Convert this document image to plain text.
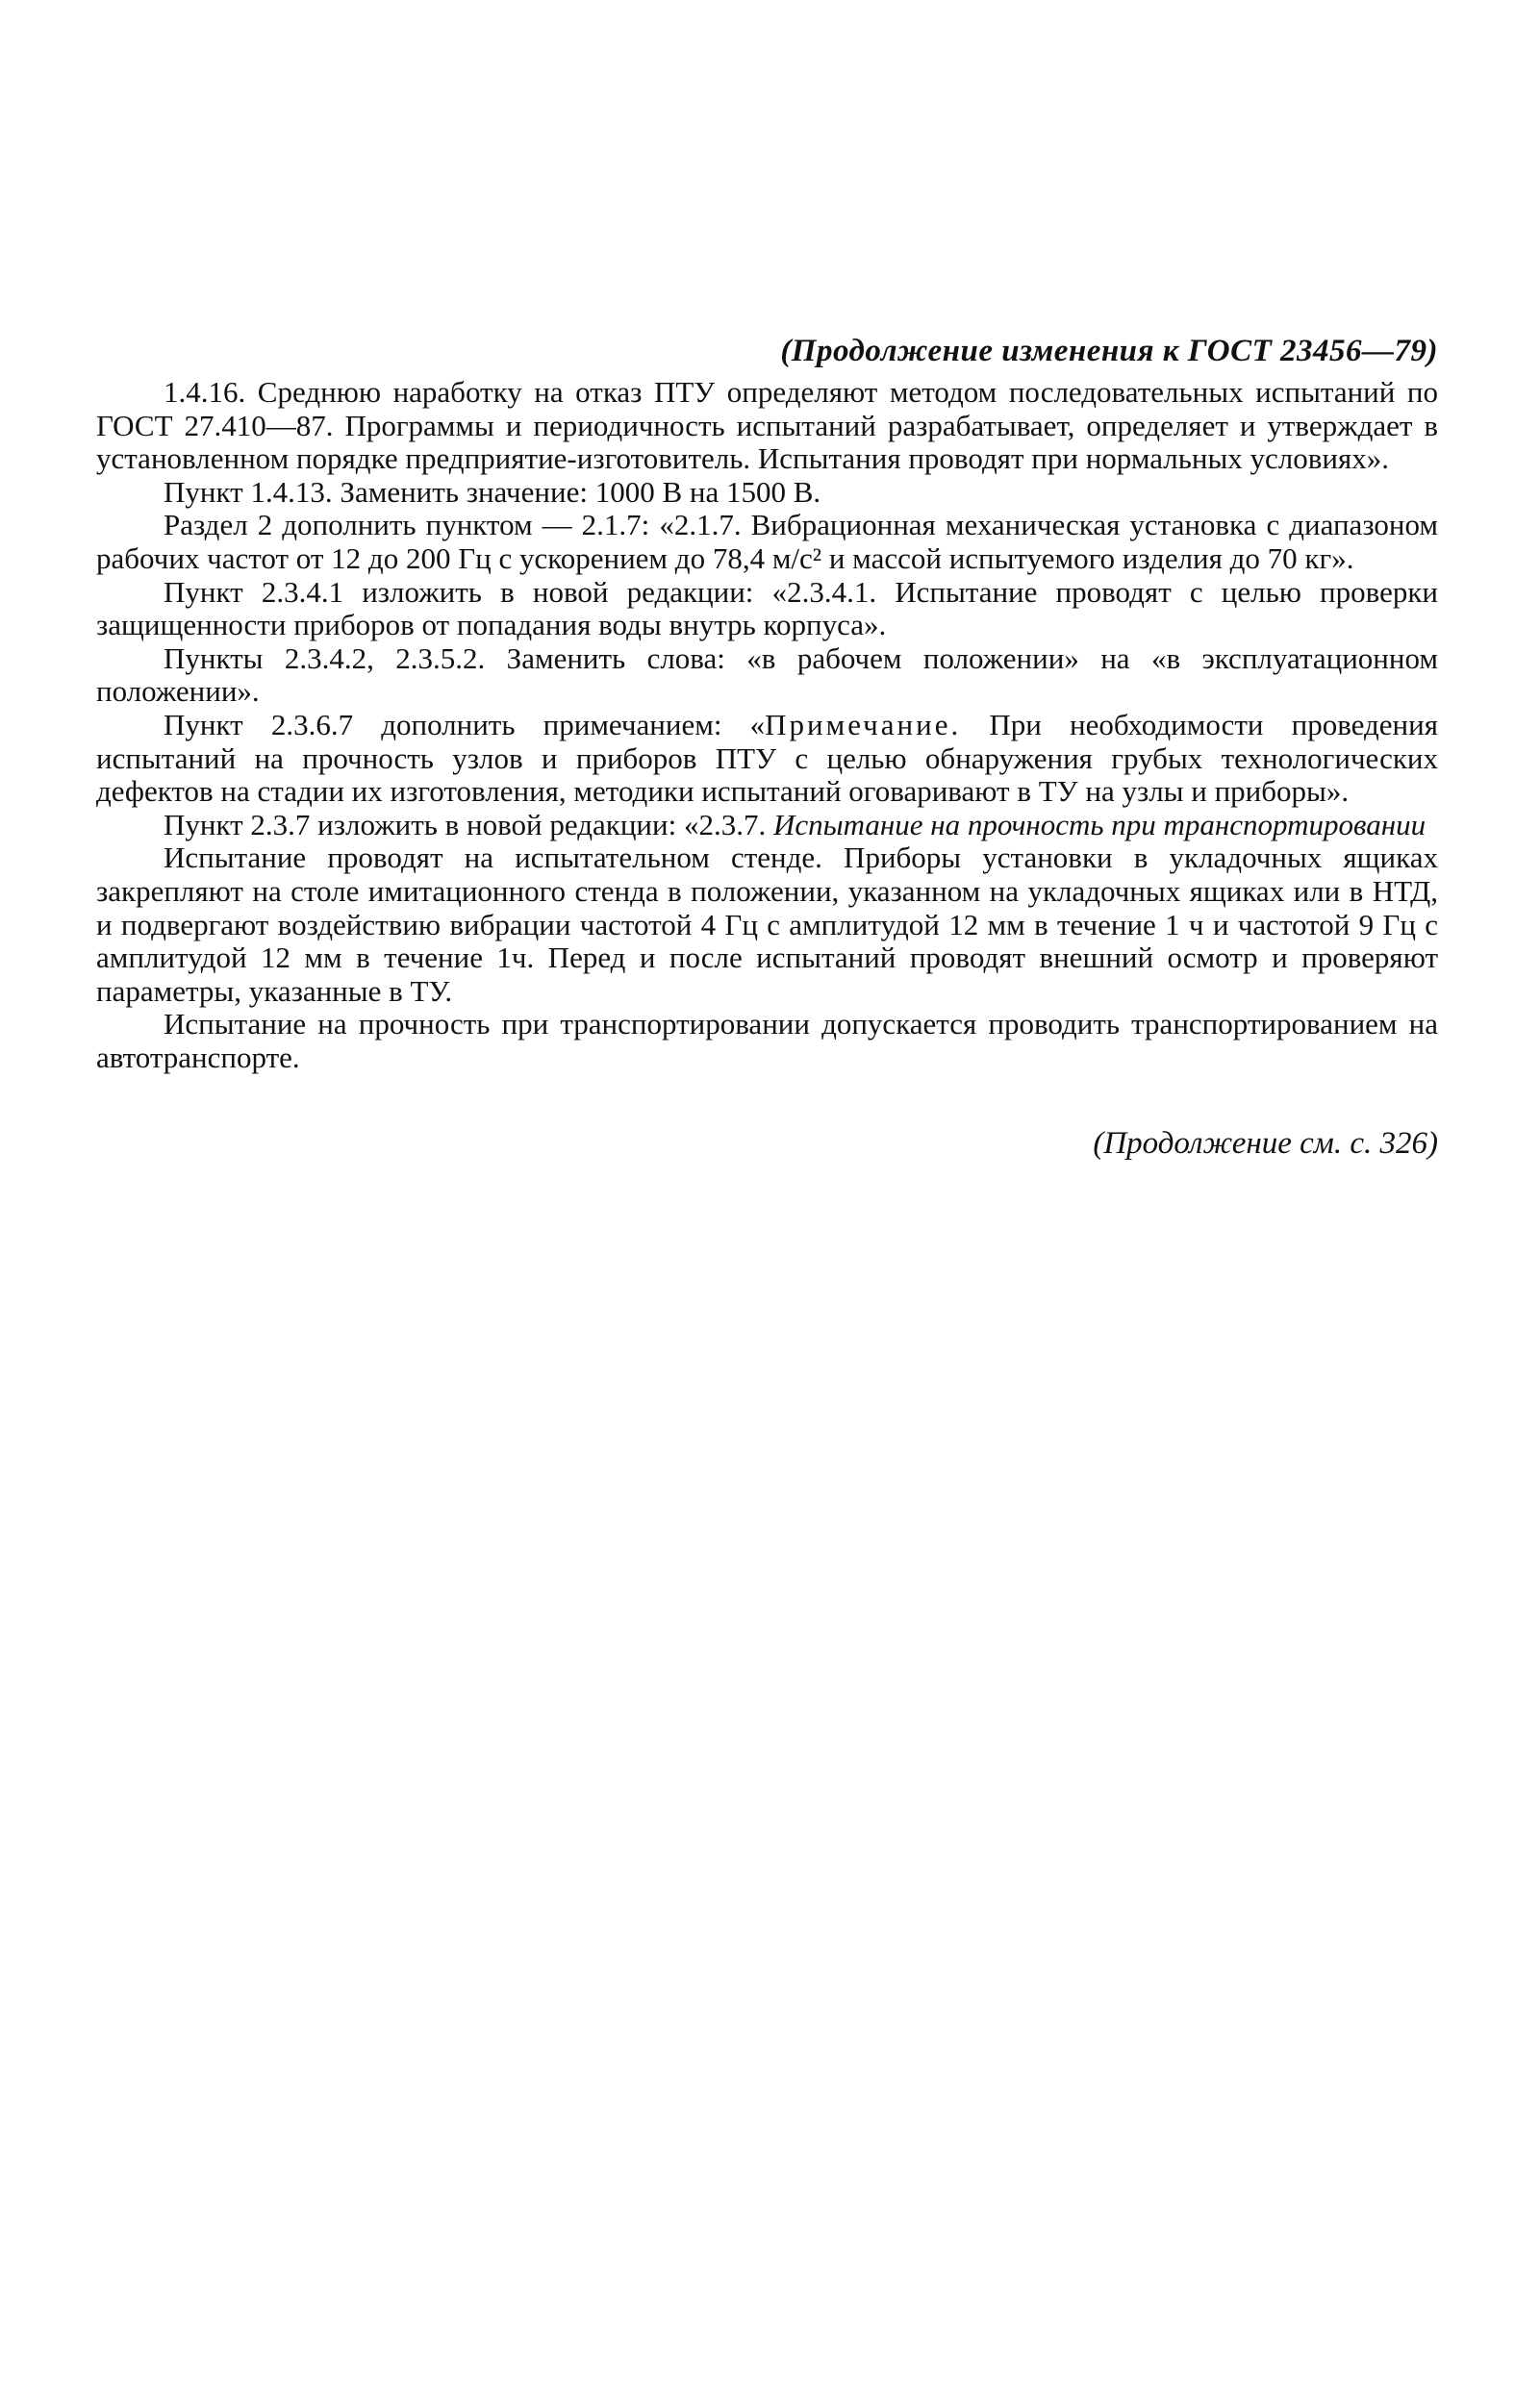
(Продолжение изменения к ГОСТ 23456—79)

1.4.16. Среднюю наработку на отказ ПТУ определяют методом последовательных испытаний по ГОСТ 27.410—87. Программы и периодичность испытаний разрабатывает, определяет и утверждает в установленном порядке предприятие-изготовитель. Испытания проводят при нормальных условиях».

Пункт 1.4.13. Заменить значение: 1000 В на 1500 В.

Раздел 2 дополнить пунктом — 2.1.7: «2.1.7. Вибрационная механическая установка с диапазоном рабочих частот от 12 до 200 Гц с ускорением до 78,4 м/с² и массой испытуемого изделия до 70 кг».

Пункт 2.3.4.1 изложить в новой редакции: «2.3.4.1. Испытание проводят с целью проверки защищенности приборов от попадания воды внутрь корпуса».

Пункты 2.3.4.2, 2.3.5.2. Заменить слова: «в рабочем положении» на «в эксплуатационном положении».

Пункт 2.3.6.7 дополнить примечанием: «Примечание. При необходимости проведения испытаний на прочность узлов и приборов ПТУ с целью обнаружения грубых технологических дефектов на стадии их изготовления, методики испытаний оговаривают в ТУ на узлы и приборы».

Пункт 2.3.7 изложить в новой редакции: «2.3.7. Испытание на прочность при транспортировании

Испытание проводят на испытательном стенде. Приборы установки в укладочных ящиках закрепляют на столе имитационного стенда в положении, указанном на укладочных ящиках или в НТД, и подвергают воздействию вибрации частотой 4 Гц с амплитудой 12 мм в течение 1 ч и частотой 9 Гц с амплитудой 12 мм в течение 1ч. Перед и после испытаний проводят внешний осмотр и проверяют параметры, указанные в ТУ.

Испытание на прочность при транспортировании допускается проводить транспортированием на автотранспорте.

(Продолжение см. с. 326)
